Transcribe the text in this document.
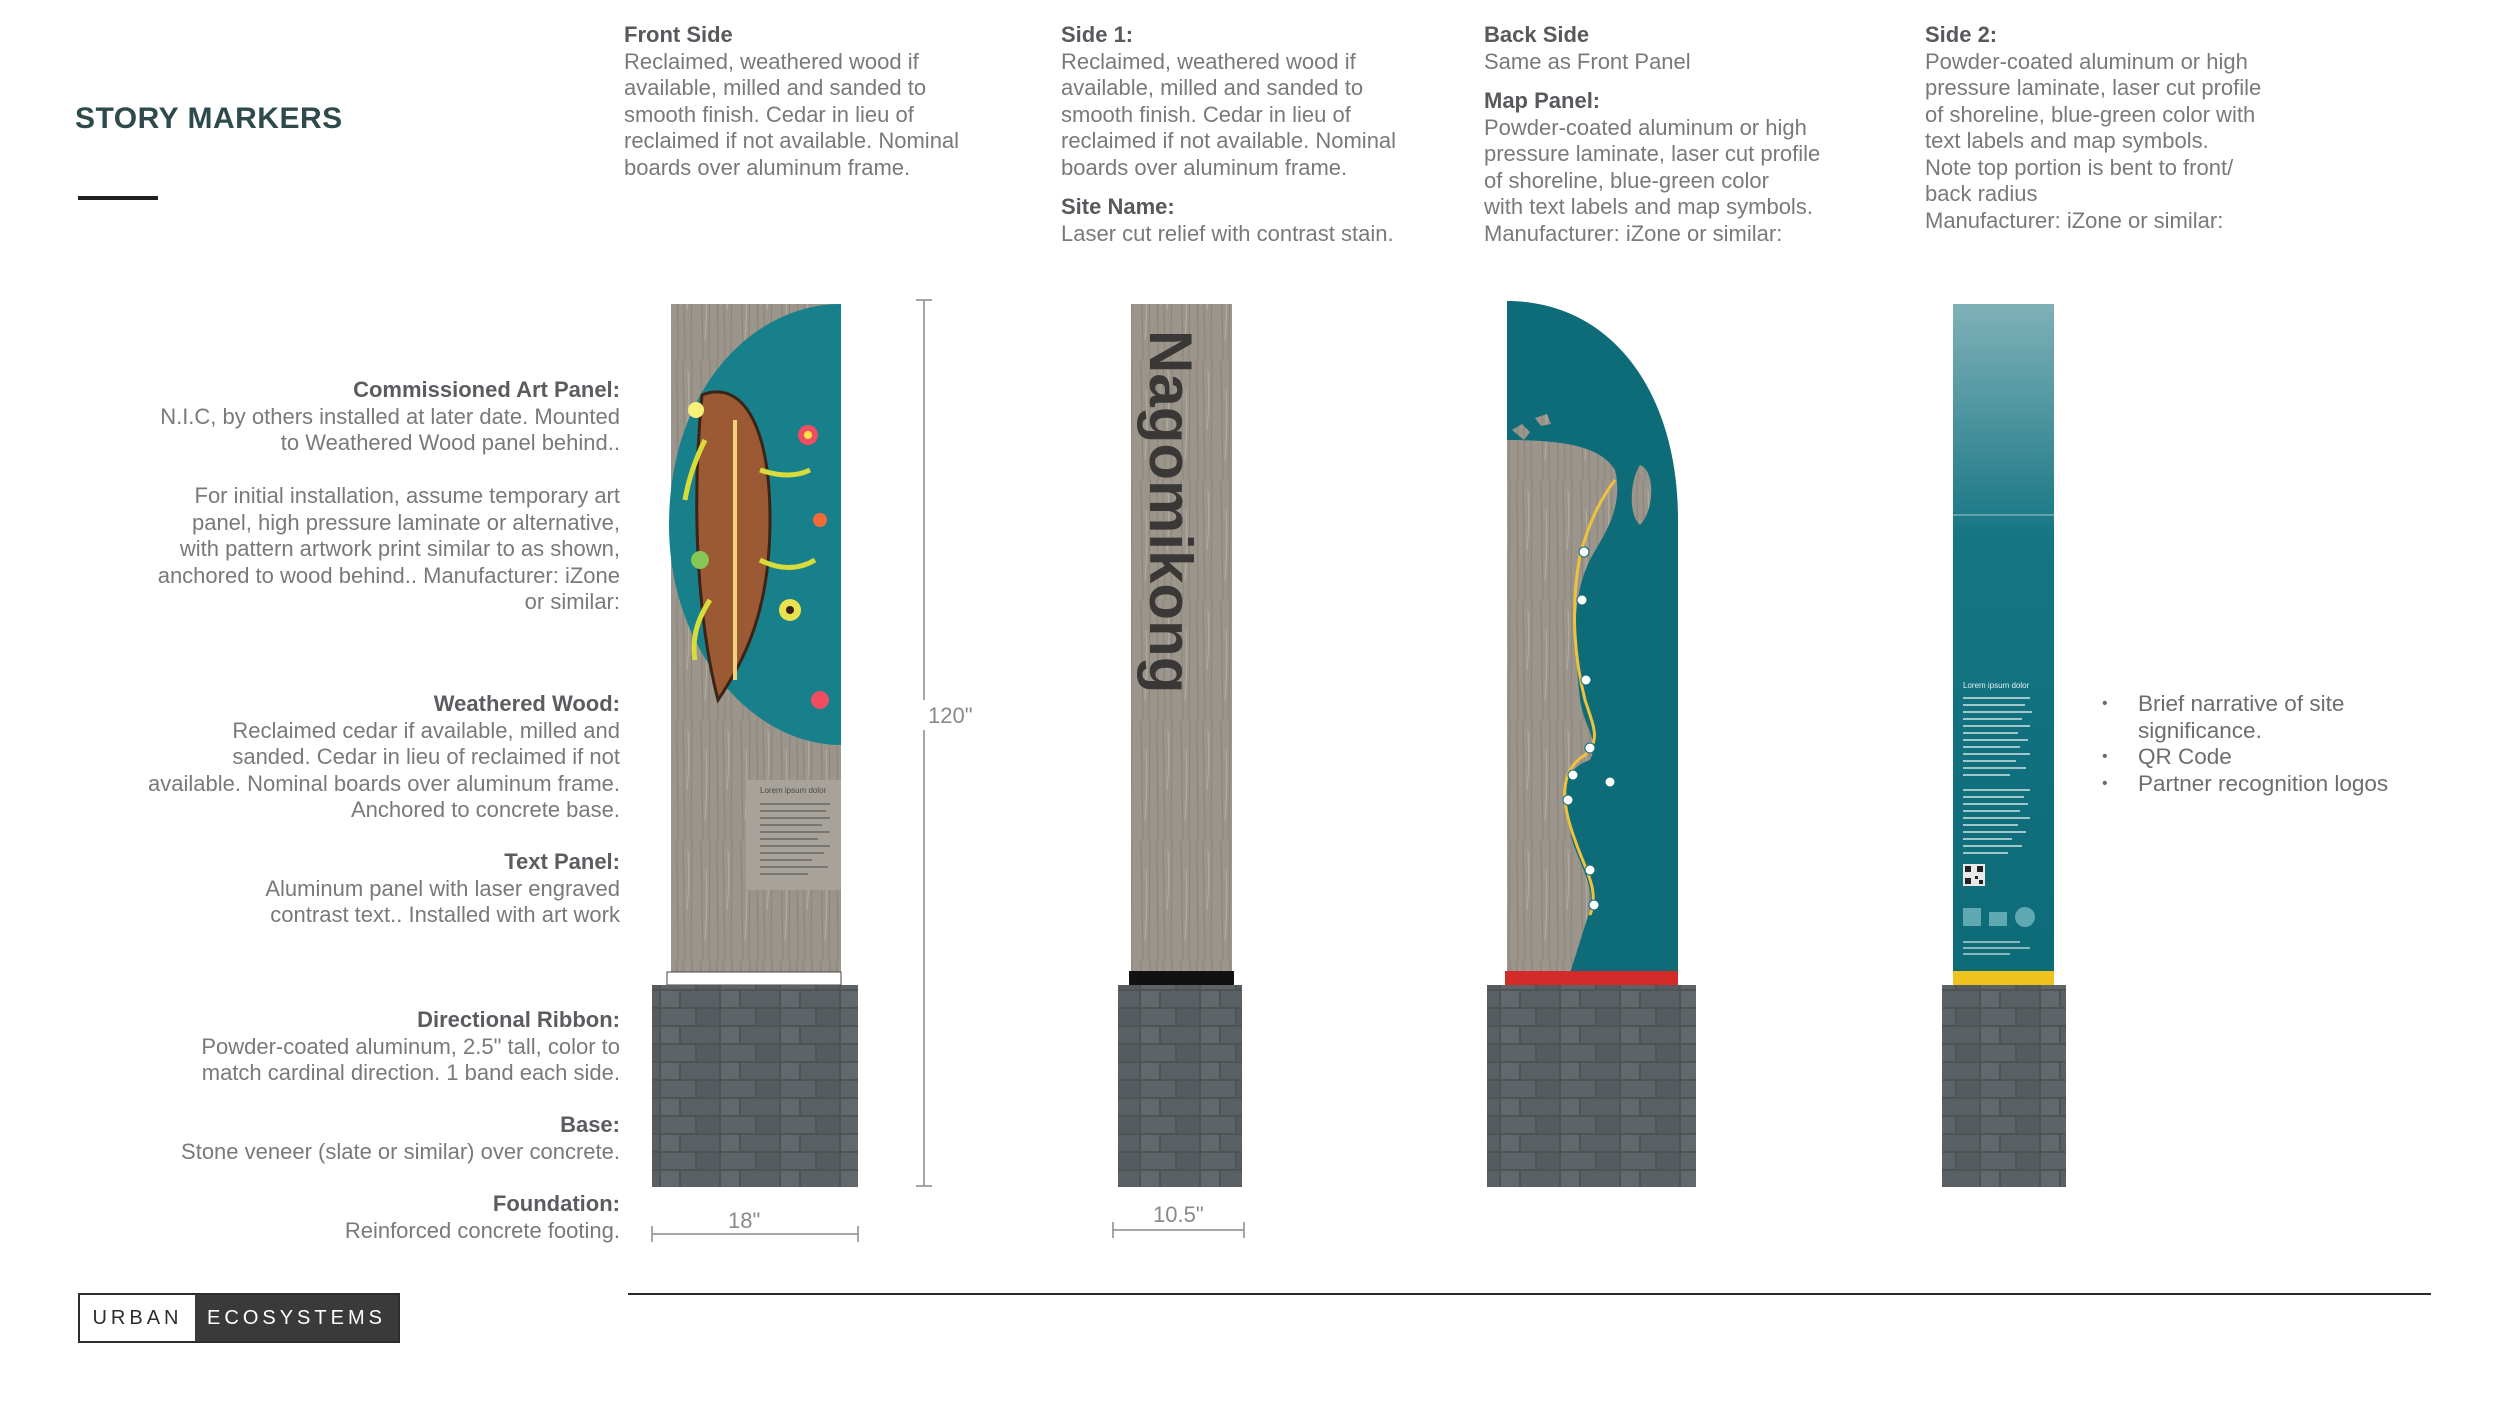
STORY MARKERS
Front Side
Reclaimed, weathered wood if
available, milled and sanded to
smooth finish. Cedar in lieu of
reclaimed if not available. Nominal
boards over aluminum frame.
Side 1:
Reclaimed, weathered wood if
available, milled and sanded to
smooth finish. Cedar in lieu of
reclaimed if not available. Nominal
boards over aluminum frame.
Site Name:
Laser cut relief with contrast stain.
Back Side
Same as Front Panel
Map Panel:
Powder-coated aluminum or high
pressure laminate, laser cut profile
of shoreline, blue-green color
with text labels and map symbols.
Manufacturer: iZone or similar:
Side 2:
Powder-coated aluminum or high
pressure laminate, laser cut profile
of shoreline, blue-green color with
text labels and map symbols.
Note top portion is bent to front/
back radius
Manufacturer: iZone or similar:
Commissioned Art Panel:
N.I.C, by others installed at later date. Mounted
to Weathered Wood panel behind..
For initial installation, assume temporary art
panel, high pressure laminate or alternative,
with pattern artwork print similar to as shown,
anchored to wood behind.. Manufacturer: iZone
or similar:
Weathered Wood:
Reclaimed cedar if available, milled and
sanded. Cedar in lieu of reclaimed if not
available. Nominal boards over aluminum frame.
Anchored to concrete base.
Text Panel:
Aluminum panel with laser engraved
contrast text.. Installed with art work
Directional Ribbon:
Powder-coated aluminum, 2.5" tall, color to
match cardinal direction. 1 band each side.
Base:
Stone veneer (slate or similar) over concrete.
Foundation:
Reinforced concrete footing.
• Brief narrative of site significance.
• QR Code
• Partner recognition logos
Lorem ipsum dolor
120"
18"
Nagomikong
10.5"
Lorem ipsum dolor
URBAN	ECOSYSTEMS
